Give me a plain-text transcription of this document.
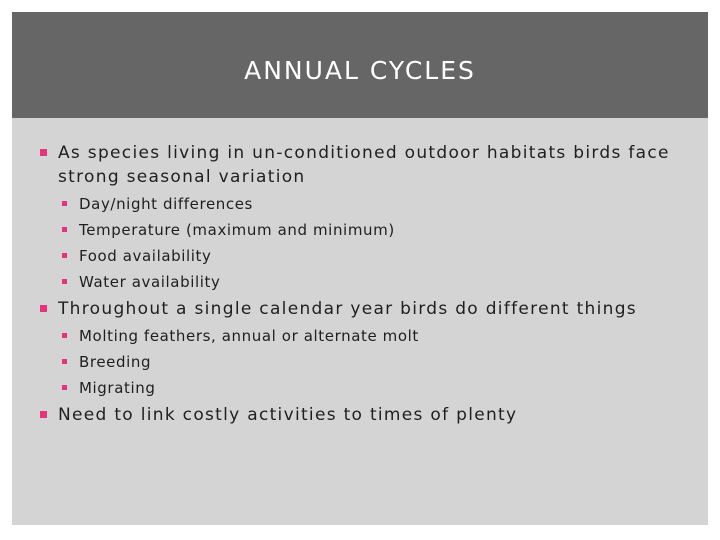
ANNUAL CYCLES
As species living in un-conditioned outdoor habitats birds face strong seasonal variation
Day/night differences
Temperature (maximum and minimum)
Food availability
Water availability
Throughout a single calendar year birds do different things
Molting feathers, annual or alternate molt
Breeding
Migrating
Need to link costly activities to times of plenty
